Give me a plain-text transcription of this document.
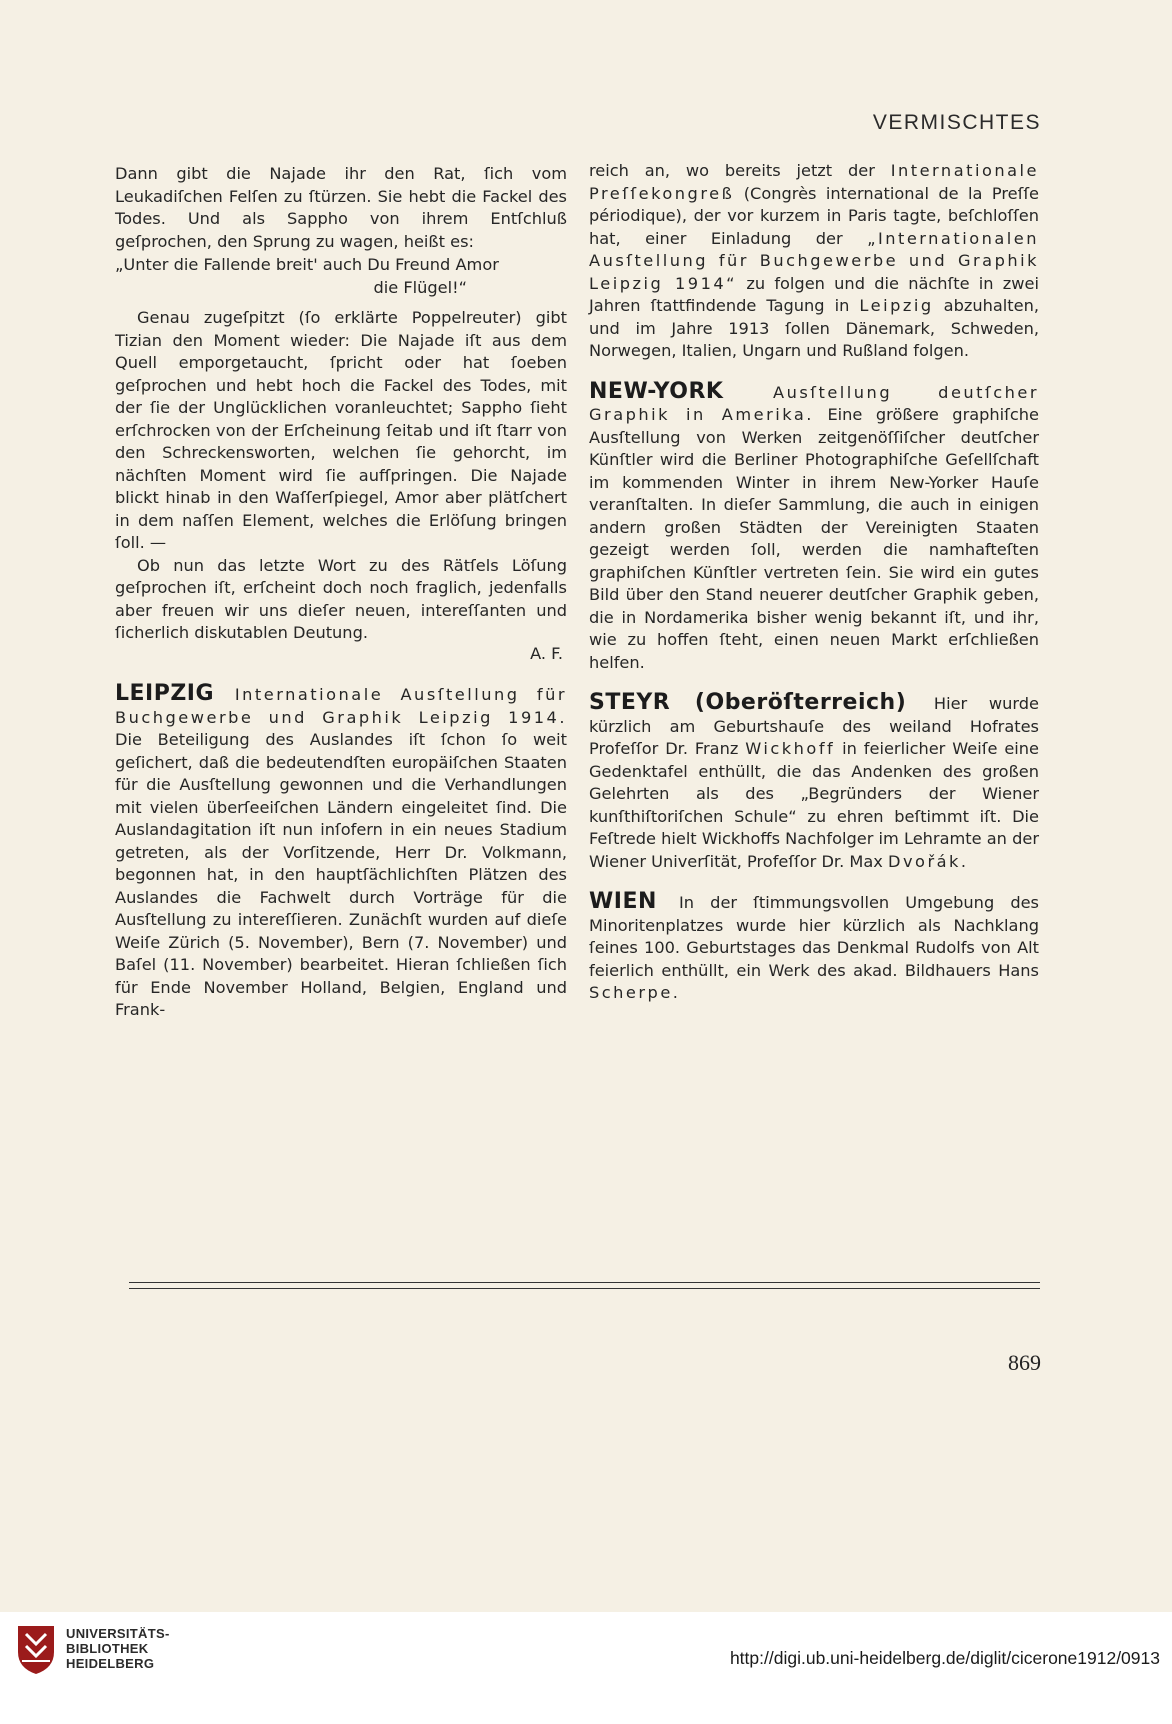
VERMISCHTES

Dann gibt die Najade ihr den Rat, ſich vom Leukadiſchen Felſen zu ſtürzen. Sie hebt die Fackel des Todes. Und als Sappho von ihrem Entſchluß geſprochen, den Sprung zu wagen, heißt es:

„Unter die Fallende breit' auch Du Freund Amor
die Flügel!“

Genau zugeſpitzt (ſo erklärte Poppelreuter) gibt Tizian den Moment wieder: Die Najade iſt aus dem Quell emporgetaucht, ſpricht oder hat ſoeben geſprochen und hebt hoch die Fackel des Todes, mit der ſie der Unglücklichen voranleuchtet; Sappho ſieht erſchrocken von der Erſcheinung ſeitab und iſt ſtarr von den Schreckensworten, welchen ſie gehorcht, im nächſten Moment wird ſie aufſpringen. Die Najade blickt hinab in den Waſſerſpiegel, Amor aber plätſchert in dem naſſen Element, welches die Erlöſung bringen ſoll. —

Ob nun das letzte Wort zu des Rätſels Löſung geſprochen iſt, erſcheint doch noch fraglich, jedenfalls aber freuen wir uns dieſer neuen, intereſſanten und ſicherlich diskutablen Deutung.

A. F.

LEIPZIG Internationale Ausſtellung für Buchgewerbe und Graphik Leipzig 1914. Die Beteiligung des Auslandes iſt ſchon ſo weit geſichert, daß die bedeutendſten europäiſchen Staaten für die Ausſtellung gewonnen und die Verhandlungen mit vielen überſeeiſchen Ländern eingeleitet ſind. Die Auslandagitation iſt nun inſofern in ein neues Stadium getreten, als der Vorſitzende, Herr Dr. Volkmann, begonnen hat, in den hauptſächlichſten Plätzen des Auslandes die Fachwelt durch Vorträge für die Ausſtellung zu intereſſieren. Zunächſt wurden auf dieſe Weiſe Zürich (5. November), Bern (7. November) und Baſel (11. November) bearbeitet. Hieran ſchließen ſich für Ende November Holland, Belgien, England und Frank-

reich an, wo bereits jetzt der Internationale Preſſekongreß (Congrès international de la Preſſe périodique), der vor kurzem in Paris tagte, beſchloſſen hat, einer Einladung der „Internationalen Ausſtellung für Buchgewerbe und Graphik Leipzig 1914“ zu folgen und die nächſte in zwei Jahren ſtattfindende Tagung in Leipzig abzuhalten, und im Jahre 1913 ſollen Dänemark, Schweden, Norwegen, Italien, Ungarn und Rußland folgen.

NEW-YORK	Ausſtellung deutſcher Graphik in Amerika. Eine größere graphiſche Ausſtellung von Werken zeitgenöſſiſcher deutſcher Künſtler wird die Berliner Photographiſche Geſellſchaft im kommenden Winter in ihrem New-Yorker Hauſe veranſtalten. In dieſer Sammlung, die auch in einigen andern großen Städten der Vereinigten Staaten gezeigt werden ſoll, werden die namhafteſten graphiſchen Künſtler vertreten ſein. Sie wird ein gutes Bild über den Stand neuerer deutſcher Graphik geben, die in Nordamerika bisher wenig bekannt iſt, und ihr, wie zu hoffen ſteht, einen neuen Markt erſchließen helfen.

STEYR (Oberöſterreich) Hier wurde kürzlich am Geburtshauſe des weiland Hofrates Profeſſor Dr. Franz Wickhoff in feierlicher Weiſe eine Gedenktafel enthüllt, die das Andenken des großen Gelehrten als des „Begründers der Wiener kunſthiſtoriſchen Schule“ zu ehren beſtimmt iſt. Die Feſtrede hielt Wickhoffs Nachfolger im Lehramte an der Wiener Univerſität, Profeſſor Dr. Max Dvořák.

WIEN In der ſtimmungsvollen Umgebung des Minoritenplatzes wurde hier kürzlich als Nachklang ſeines 100. Geburtstages das Denkmal Rudolfs von Alt feierlich enthüllt, ein Werk des akad. Bildhauers Hans Scherpe.

869
UNIVERSITÄTS-
BIBLIOTHEK
HEIDELBERG	http://digi.ub.uni-heidelberg.de/diglit/cicerone1912/0913
